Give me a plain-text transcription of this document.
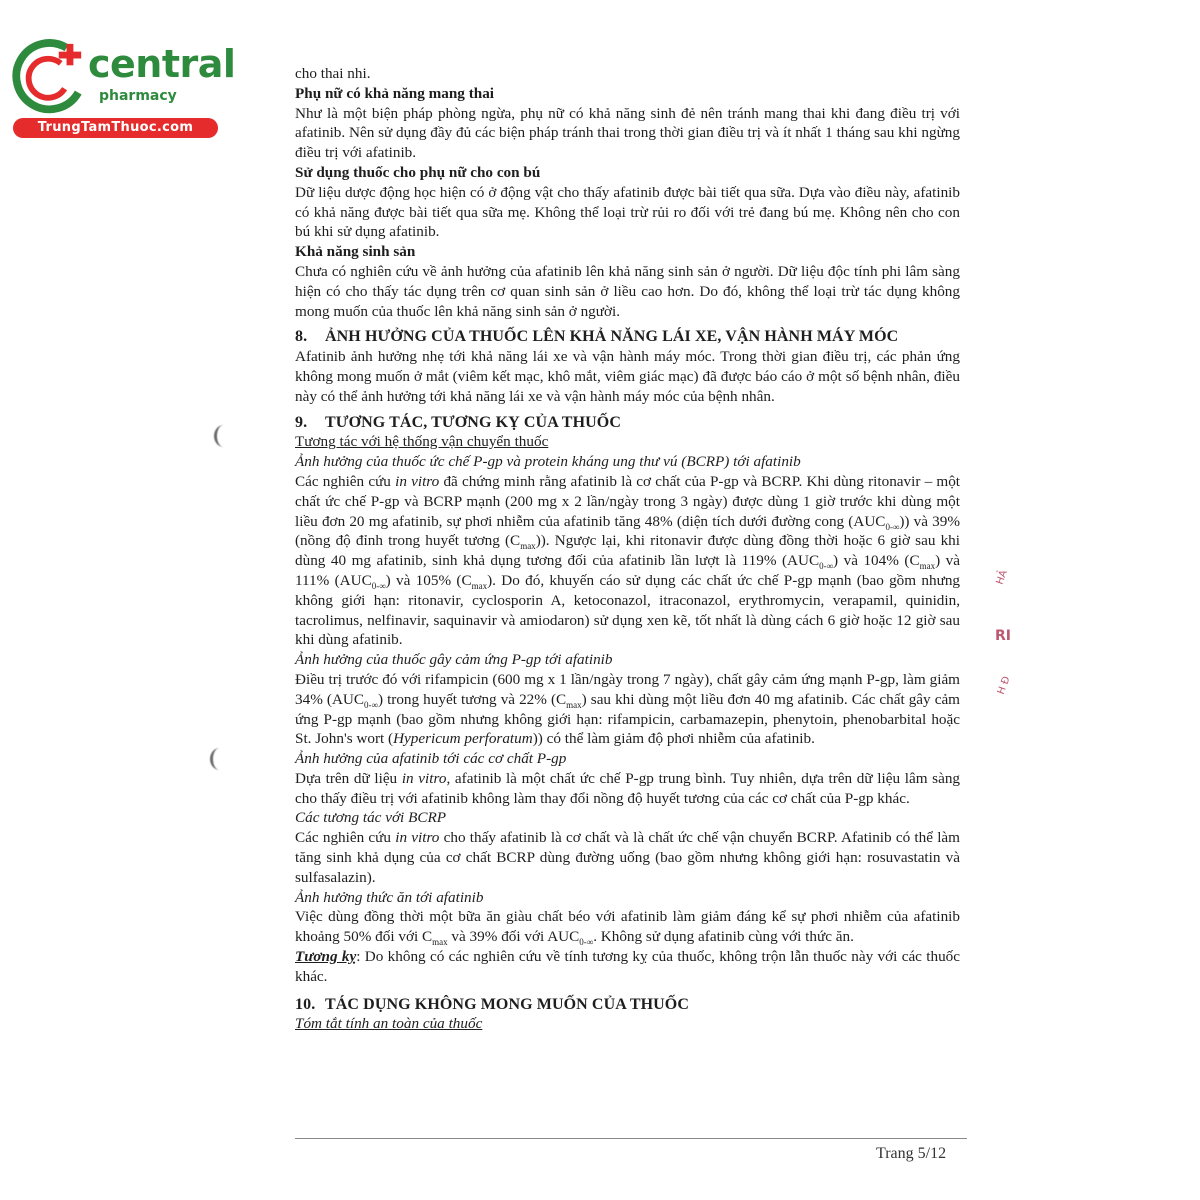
central
pharmacy
TrungTamThuoc.com
HẢ
RI
H Đ

cho thai nhi.

Phụ nữ có khả năng mang thai

Như là một biện pháp phòng ngừa, phụ nữ có khả năng sinh đẻ nên tránh mang thai khi đang điều trị với afatinib. Nên sử dụng đầy đủ các biện pháp tránh thai trong thời gian điều trị và ít nhất 1 tháng sau khi ngừng điều trị với afatinib.

Sử dụng thuốc cho phụ nữ cho con bú

Dữ liệu dược động học hiện có ở động vật cho thấy afatinib được bài tiết qua sữa. Dựa vào điều này, afatinib có khả năng được bài tiết qua sữa mẹ. Không thể loại trừ rủi ro đối với trẻ đang bú mẹ. Không nên cho con bú khi sử dụng afatinib.

Khả năng sinh sản

Chưa có nghiên cứu về ảnh hưởng của afatinib lên khả năng sinh sản ở người. Dữ liệu độc tính phi lâm sàng hiện có cho thấy tác dụng trên cơ quan sinh sản ở liều cao hơn. Do đó, không thể loại trừ tác dụng không mong muốn của thuốc lên khả năng sinh sản ở người.

8. ẢNH HƯỞNG CỦA THUỐC LÊN KHẢ NĂNG LÁI XE, VẬN HÀNH MÁY MÓC

Afatinib ảnh hưởng nhẹ tới khả năng lái xe và vận hành máy móc. Trong thời gian điều trị, các phản ứng không mong muốn ở mắt (viêm kết mạc, khô mắt, viêm giác mạc) đã được báo cáo ở một số bệnh nhân, điều này có thể ảnh hưởng tới khả năng lái xe và vận hành máy móc của bệnh nhân.

9. TƯƠNG TÁC, TƯƠNG KỴ CỦA THUỐC

Tương tác với hệ thống vận chuyển thuốc

Ảnh hưởng của thuốc ức chế P-gp và protein kháng ung thư vú (BCRP) tới afatinib

Các nghiên cứu in vitro đã chứng minh rằng afatinib là cơ chất của P-gp và BCRP. Khi dùng ritonavir – một chất ức chế P-gp và BCRP mạnh (200 mg x 2 lần/ngày trong 3 ngày) được dùng 1 giờ trước khi dùng một liều đơn 20 mg afatinib, sự phơi nhiễm của afatinib tăng 48% (diện tích dưới đường cong $(AUC_{0-\infty})$) và 39% (nồng độ đỉnh trong huyết tương $(C_{max})$). Ngược lại, khi ritonavir được dùng đồng thời hoặc 6 giờ sau khi dùng 40 mg afatinib, sinh khả dụng tương đối của afatinib lần lượt là 119% $(AUC_{0-\infty})$ và 104% $(C_{max})$ và 111% $(AUC_{0-\infty})$ và 105% $(C_{max})$. Do đó, khuyến cáo sử dụng các chất ức chế P-gp mạnh (bao gồm nhưng không giới hạn: ritonavir, cyclosporin A, ketoconazol, itraconazol, erythromycin, verapamil, quinidin, tacrolimus, nelfinavir, saquinavir và amiodaron) sử dụng xen kẽ, tốt nhất là dùng cách 6 giờ hoặc 12 giờ sau khi dùng afatinib.

Ảnh hưởng của thuốc gây cảm ứng P-gp tới afatinib

Điều trị trước đó với rifampicin (600 mg x 1 lần/ngày trong 7 ngày), chất gây cảm ứng mạnh P-gp, làm giảm 34% $(AUC_{0-\infty})$ trong huyết tương và 22% $(C_{max})$ sau khi dùng một liều đơn 40 mg afatinib. Các chất gây cảm ứng P-gp mạnh (bao gồm nhưng không giới hạn: rifampicin, carbamazepin, phenytoin, phenobarbital hoặc St. John's wort (Hypericum perforatum)) có thể làm giảm độ phơi nhiễm của afatinib.

Ảnh hưởng của afatinib tới các cơ chất P-gp

Dựa trên dữ liệu in vitro, afatinib là một chất ức chế P-gp trung bình. Tuy nhiên, dựa trên dữ liệu lâm sàng cho thấy điều trị với afatinib không làm thay đổi nồng độ huyết tương của các cơ chất của P-gp khác.

Các tương tác với BCRP

Các nghiên cứu in vitro cho thấy afatinib là cơ chất và là chất ức chế vận chuyển BCRP. Afatinib có thể làm tăng sinh khả dụng của cơ chất BCRP dùng đường uống (bao gồm nhưng không giới hạn: rosuvastatin và sulfasalazin).

Ảnh hưởng thức ăn tới afatinib

Việc dùng đồng thời một bữa ăn giàu chất béo với afatinib làm giảm đáng kể sự phơi nhiễm của afatinib khoảng 50% đối với $C_{max}$ và 39% đối với $AUC_{0-\infty}$. Không sử dụng afatinib cùng với thức ăn.

Tương kỵ: Do không có các nghiên cứu về tính tương kỵ của thuốc, không trộn lẫn thuốc này với các thuốc khác.

10. TÁC DỤNG KHÔNG MONG MUỐN CỦA THUỐC

Tóm tắt tính an toàn của thuốc

Trang 5/12
